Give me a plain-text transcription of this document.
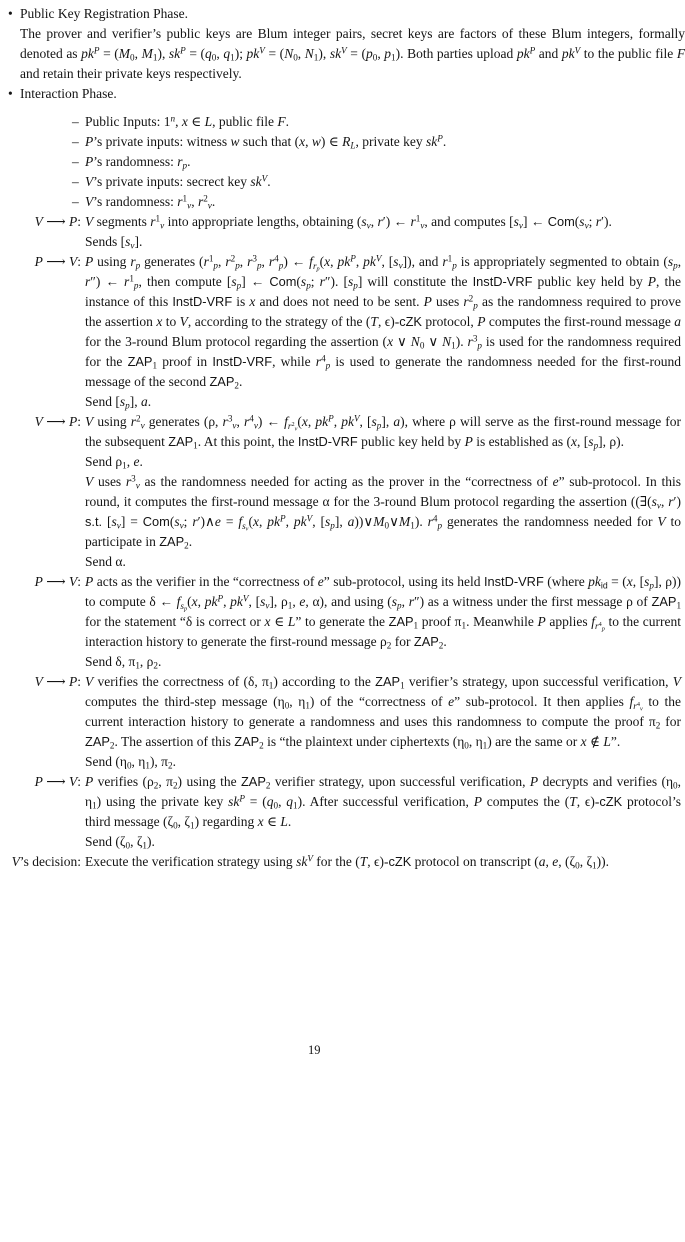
• Public Key Registration Phase.
The prover and verifier’s public keys are Blum integer pairs, secret keys are factors of these Blum integers, formally denoted as $pk^P = (M_0$, $M_1$), $sk^P = (q_0$, $q_1$); $pk^V = (N_0$, $N_1$), $sk^V = (p_0$, $p_1$). Both parties upload $pk^P$ and $pk^V$ to the public file F and retain their private keys respectively.
• Interaction Phase.
– Public Inputs: 1$^n$, x ∈ L, public file F.
– P’s private inputs: witness w such that (x, w) ∈ $R_L$, private key $sk^P$.
– P’s randomness: $r_p$.
– V’s private inputs: secrect key $sk^V$.
– V’s randomness: $r^1_v$, $r^2_v$.
V ⟶ P: V segments $r^1_v$ into appropriate lengths, obtaining ($s_v$, r′) ← $r^1_v$, and computes $[s_v]$ ← $Com(s_v$; r′).
Sends $[s_v]$.
P ⟶ V: P using $r_p$ generates ($r^1_p$, $r^2_p$, $r^3_p$, $r^4_p$) ← $f_{r_p}(x$, $pk^P$, $pk^V$, $[s_v]$), and $r^1_p$ is appropriately segmented to obtain ($s_p$, r″) ← $r^1_p$, then compute $[s_p]$ ← $Com(s_p$; r″). $[s_p]$ will constitute the InstD-VRF public key held by P, the instance of this InstD-VRF is x and does not need to be sent. P uses $r^2_p$ as the randomness required to prove the assertion x to V, according to the strategy of the (T, ϵ)-cZK protocol, P computes the first-round message a for the 3-round Blum protocol regarding the assertion (x ∨ $N_0$ ∨ $N_1$). $r^3_p$ is used for the randomness required for the $ZAP_1$ proof in InstD-VRF, while $r^4_p$ is used to generate the randomness needed for the first-round message of the second $ZAP_2$.
Send $[s_p]$, a.
V ⟶ P: V using $r^2_v$ generates (ρ, $r^3_v$, $r^4_v$) ← $f_{r^2_v}(x$, $pk^P$, $pk^V$, $[s_p]$, a), where ρ will serve as the first-round message for the subsequent $ZAP_1$. At this point, the InstD-VRF public key held by P is established as (x, $[s_p]$, ρ).
Send $\rho_1$, e.
V uses $r^3_v$ as the randomness needed for acting as the prover in the “correctness of e” sub-protocol. In this round, it computes the first-round message α for the 3-round Blum protocol regarding the assertion (($\exists(s_v$, r′) s.t. $[s_v] = Com(s_v$; r′)∧e = $f_{s_v}(x$, $pk^P$, $pk^V$, $[s_p]$, $a))\vee M_0\vee M_1$). $r^4_p$ generates the randomness needed for V to participate in $ZAP_2$.
Send α.
P ⟶ V: P acts as the verifier in the “correctness of e” sub-protocol, using its held InstD-VRF (where $pk_{id} = (x$, $[s_p]$, ρ)) to compute δ ← $f_{s_p}(x$, $pk^P$, $pk^V$, $[s_v]$, $\rho_1$, e, α), and using ($s_p$, r″) as a witness under the first message ρ of $ZAP_1$ for the statement “δ is correct or x ∈ L” to generate the $ZAP_1$ proof $\pi_1$. Meanwhile P applies $f_{r^4_p}$ to the current interaction history to generate the first-round message $\rho_2$ for $ZAP_2$.
Send δ, $\pi_1$, $\rho_2$.
V ⟶ P: V verifies the correctness of (δ, $\pi_1$) according to the $ZAP_1$ verifier’s strategy, upon successful verification, V computes the third-step message ($\eta_0$, $\eta_1$) of the “correctness of e” sub-protocol. It then applies $f_{r^4_v}$ to the current interaction history to generate a randomness and uses this randomness to compute the proof $\pi_2$ for $ZAP_2$. The assertion of this $ZAP_2$ is “the plaintext under ciphertexts ($\eta_0$, $\eta_1$) are the same or x ∉ L”.
Send ($\eta_0$, $\eta_1$), $\pi_2$.
P ⟶ V: P verifies ($\rho_2$, $\pi_2$) using the $ZAP_2$ verifier strategy, upon successful verification, P decrypts and verifies ($\eta_0$, $\eta_1$) using the private key $sk^P = (q_0$, $q_1$). After successful verification, P computes the (T, ϵ)-cZK protocol’s third message ($\zeta_0$, $\zeta_1$) regarding x ∈ L.
Send ($\zeta_0$, $\zeta_1$).
V’s decision: Execute the verification strategy using $sk^V$ for the (T, ϵ)-cZK protocol on transcript (a, e, ($\zeta_0$, $\zeta_1$)).
19
